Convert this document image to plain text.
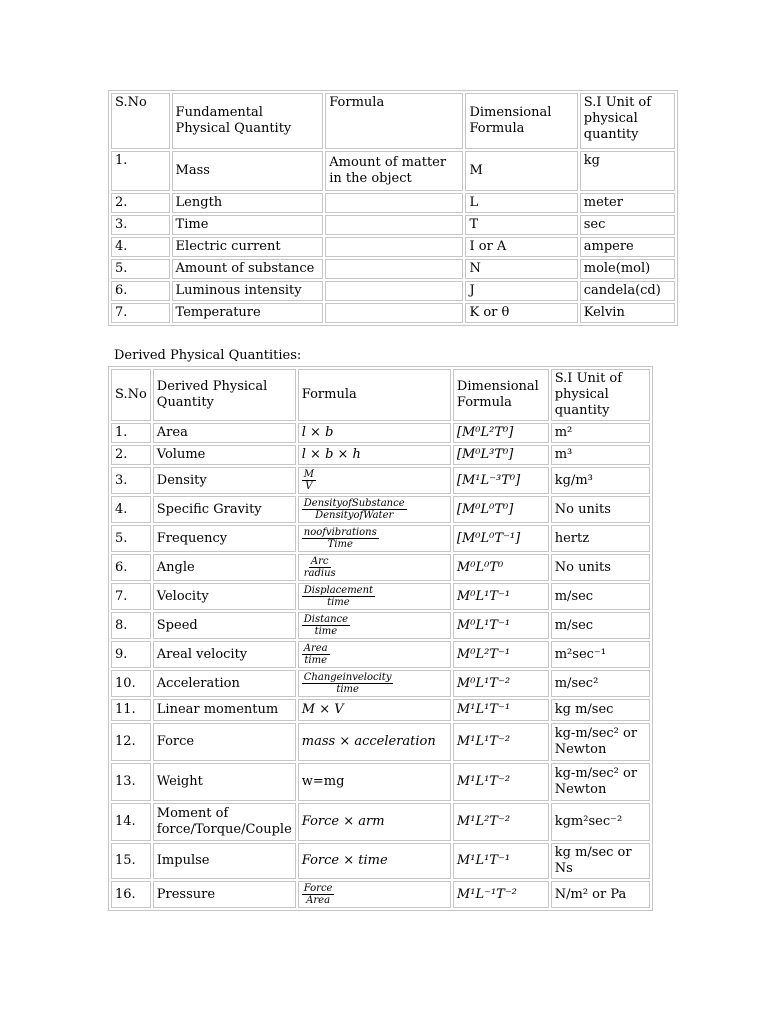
S.No	Fundamental Physical Quantity	Formula	Dimensional Formula	S.I Unit of physical quantity
1.	Mass	Amount of matter in the object	M	kg
2.	Length		L	meter
3.	Time		T	sec
4.	Electric current		I or A	ampere
5.	Amount of substance		N	mole(mol)
6.	Luminous intensity		J	candela(cd)
7.	Temperature		K or θ	Kelvin
Derived Physical Quantities:
S.No	Derived Physical Quantity	Formula	Dimensional Formula	S.I Unit of physical quantity
1.	Area	l × b	[M⁰L²T⁰]	m²
2.	Volume	l × b × h	[M⁰L³T⁰]	m³
3.	Density	$\frac{M}{V}$	[M¹L⁻³T⁰]	kg/m³
4.	Specific Gravity	$\frac{\text{DensityofSubstance}}{\text{DensityofWater}}$	[M⁰L⁰T⁰]	No units
5.	Frequency	$\frac{\text{noofvibrations}}{\text{Time}}$	[M⁰L⁰T⁻¹]	hertz
6.	Angle	$\frac{\text{Arc}}{\text{radius}}$	M⁰L⁰T⁰	No units
7.	Velocity	$\frac{\text{Displacement}}{\text{time}}$	M⁰L¹T⁻¹	m/sec
8.	Speed	$\frac{\text{Distance}}{\text{time}}$	M⁰L¹T⁻¹	m/sec
9.	Areal velocity	$\frac{\text{Area}}{\text{time}}$	M⁰L²T⁻¹	m²sec⁻¹
10.	Acceleration	$\frac{\text{Changeinvelocity}}{\text{time}}$	M⁰L¹T⁻²	m/sec²
11.	Linear momentum	M × V	M¹L¹T⁻¹	kg m/sec
12.	Force	mass × acceleration	M¹L¹T⁻²	kg-m/sec² or Newton
13.	Weight	w=mg	M¹L¹T⁻²	kg-m/sec² or Newton
14.	Moment of force/Torque/Couple	Force × arm	M¹L²T⁻²	kgm²sec⁻²
15.	Impulse	Force × time	M¹L¹T⁻¹	kg m/sec or Ns
16.	Pressure	$\frac{\text{Force}}{\text{Area}}$	M¹L⁻¹T⁻²	N/m² or Pa
